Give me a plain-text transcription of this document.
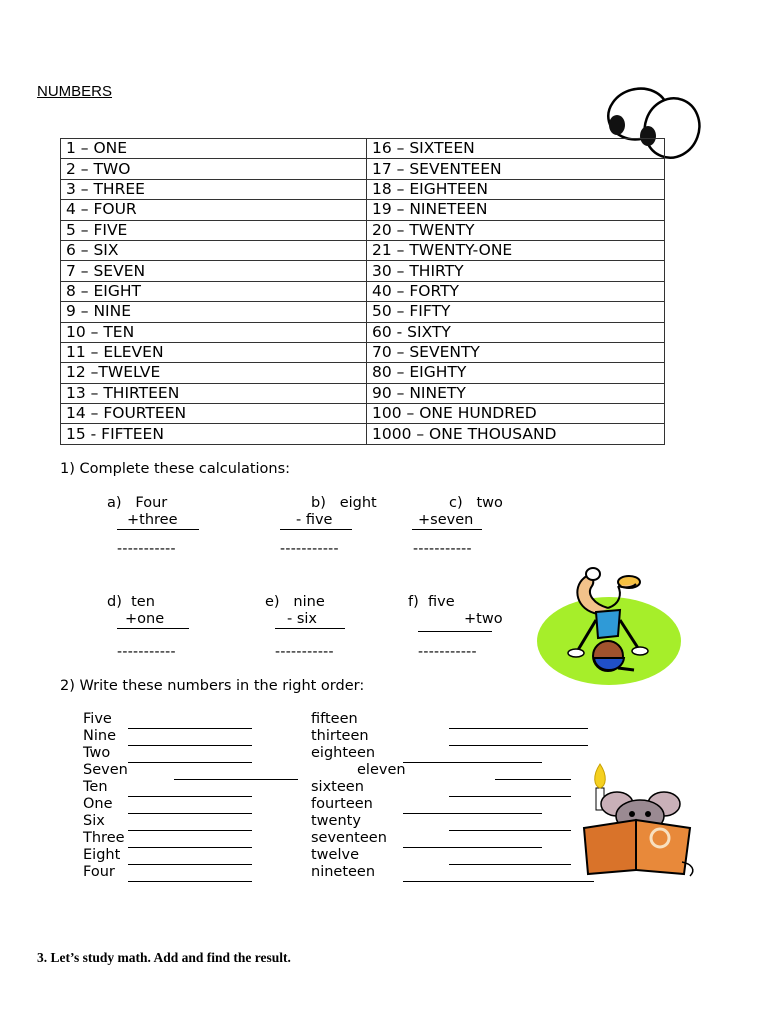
NUMBERS
1 – ONE	16 – SIXTEEN
2 – TWO	17 – SEVENTEEN
3 – THREE	18 – EIGHTEEN
4 – FOUR	19 – NINETEEN
5 – FIVE	20 – TWENTY
6 – SIX	21 – TWENTY-ONE
7 – SEVEN	30 – THIRTY
8 – EIGHT	40 – FORTY
9 – NINE	50 – FIFTY
10 – TEN	60 - SIXTY
11 – ELEVEN	70 – SEVENTY
12 –TWELVE	80 – EIGHTY
13 – THIRTEEN	90 – NINETY
14 – FOURTEEN	100 – ONE HUNDRED
15 - FIFTEEN	1000 – ONE THOUSAND
1) Complete these calculations:
a) Four
+three
-----------
b) eight
- five
-----------
c) two
+seven
-----------
d) ten
+one
-----------
e) nine
- six
-----------
f) five
+two
-----------
2) Write these numbers in the right order:
Five	fifteen
Nine	thirteen
Two	eighteen
Seven	eleven
Ten	sixteen
One	fourteen
Six	twenty
Three	seventeen
Eight	twelve
Four	nineteen
3. Let’s study math. Add and find the result.
